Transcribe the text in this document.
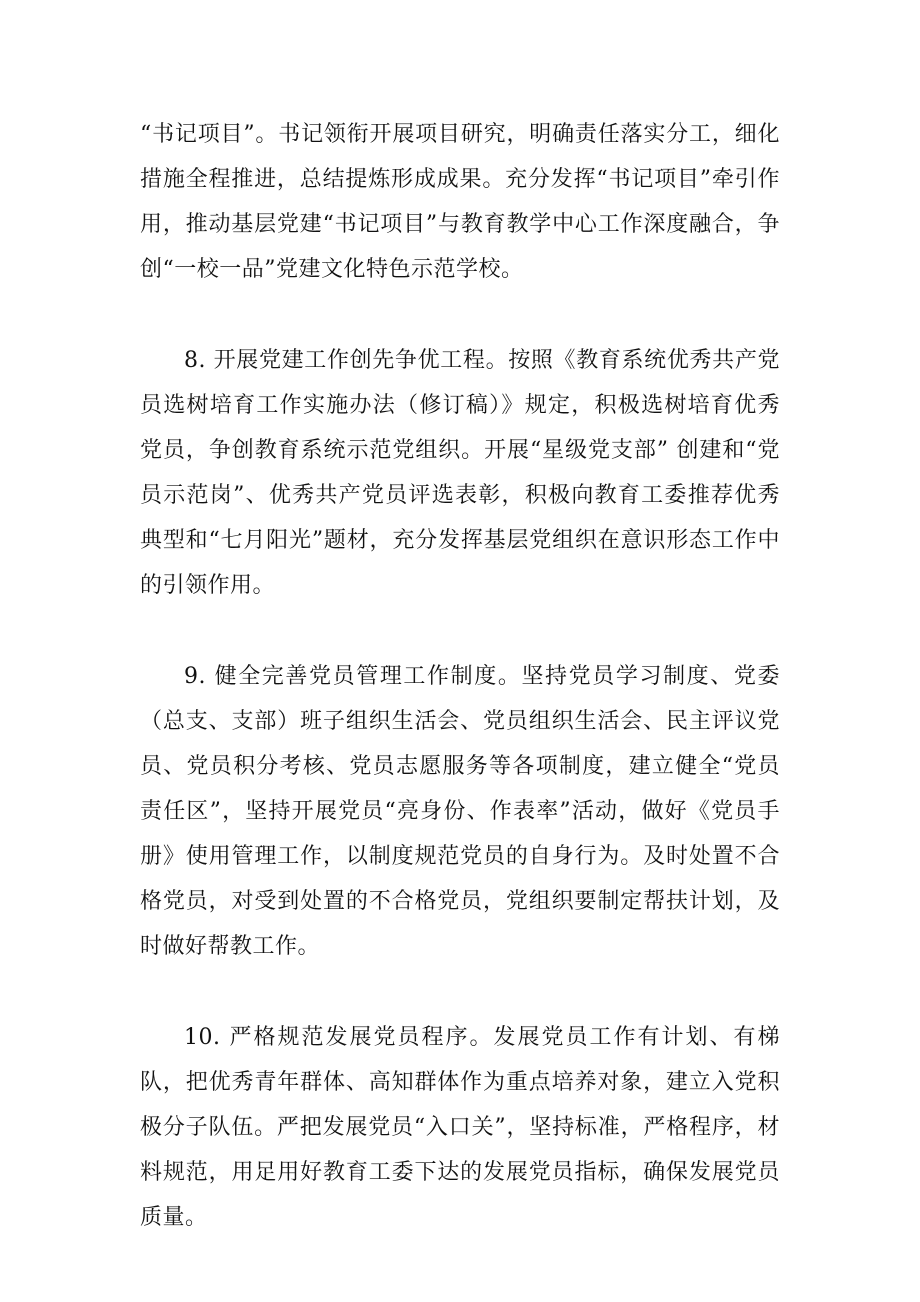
“书记项目”。书记领衔开展项目研究，明确责任落实分工，细化措施全程推进，总结提炼形成成果。充分发挥“书记项目”牵引作用，推动基层党建“书记项目”与教育教学中心工作深度融合，争创“一校一品”党建文化特色示范学校。

8. 开展党建工作创先争优工程。按照《教育系统优秀共产党员选树培育工作实施办法（修订稿）》规定，积极选树培育优秀党员，争创教育系统示范党组织。开展“星级党支部” 创建和“党员示范岗”、优秀共产党员评选表彰，积极向教育工委推荐优秀典型和“七月阳光”题材，充分发挥基层党组织在意识形态工作中的引领作用。

9. 健全完善党员管理工作制度。坚持党员学习制度、党委（总支、支部）班子组织生活会、党员组织生活会、民主评议党员、党员积分考核、党员志愿服务等各项制度，建立健全“党员责任区”，坚持开展党员“亮身份、作表率”活动，做好《党员手册》使用管理工作，以制度规范党员的自身行为。及时处置不合格党员，对受到处置的不合格党员，党组织要制定帮扶计划，及时做好帮教工作。

10. 严格规范发展党员程序。发展党员工作有计划、有梯队，把优秀青年群体、高知群体作为重点培养对象，建立入党积极分子队伍。严把发展党员“入口关”，坚持标准，严格程序，材料规范，用足用好教育工委下达的发展党员指标，确保发展党员质量。
